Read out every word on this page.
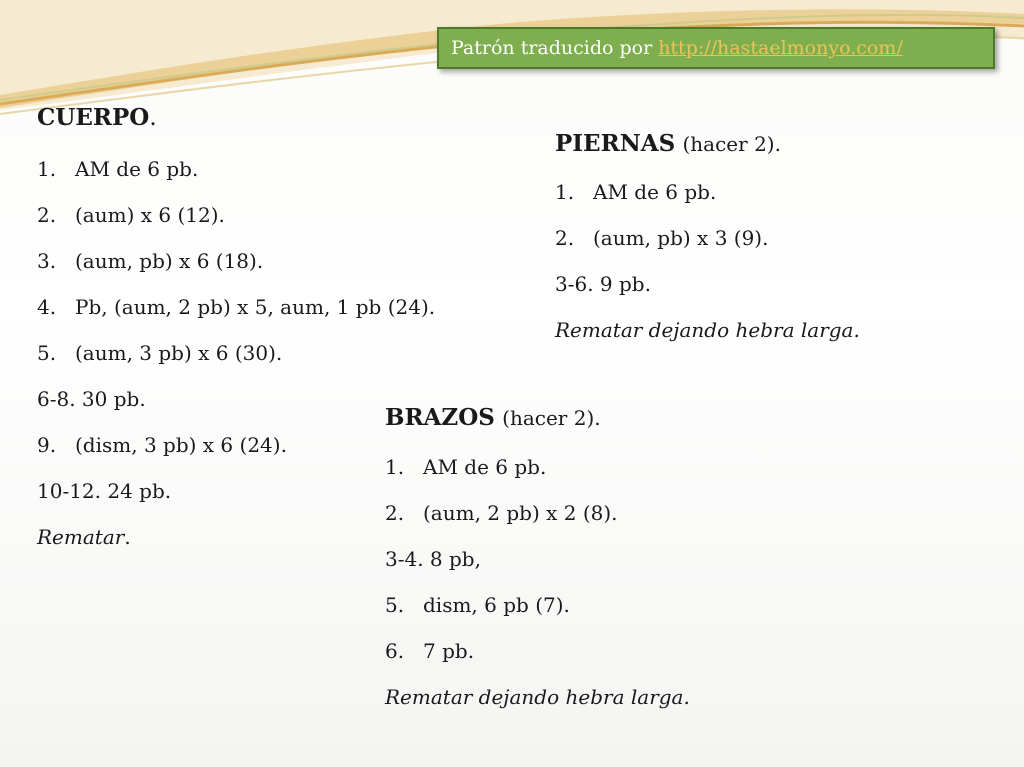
Patrón traducido por http://hastaelmonyo.com/
CUERPO.
1. AM de 6 pb.
2. (aum) x 6 (12).
3. (aum, pb) x 6 (18).
4. Pb, (aum, 2 pb) x 5, aum, 1 pb (24).
5. (aum, 3 pb) x 6 (30).
6-8. 30 pb.
9. (dism, 3 pb) x 6 (24).
10-12. 24 pb.
Rematar.
PIERNAS (hacer 2).
1. AM de 6 pb.
2. (aum, pb) x 3 (9).
3-6. 9 pb.
Rematar dejando hebra larga.
BRAZOS (hacer 2).
1. AM de 6 pb.
2. (aum, 2 pb) x 2 (8).
3-4. 8 pb,
5. dism, 6 pb (7).
6. 7 pb.
Rematar dejando hebra larga.
